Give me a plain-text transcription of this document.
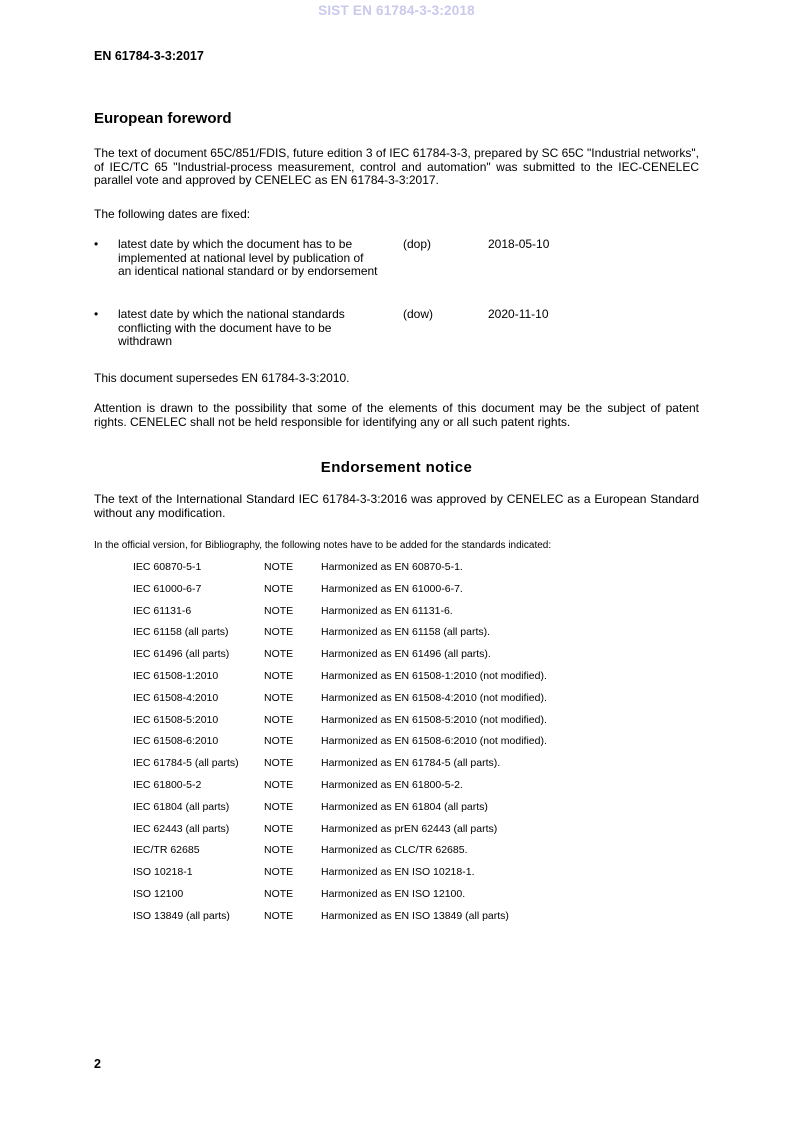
SIST EN 61784-3-3:2018
EN 61784-3-3:2017
European foreword
The text of document 65C/851/FDIS, future edition 3 of IEC 61784-3-3, prepared by SC 65C "Industrial networks", of IEC/TC 65 "Industrial-process measurement, control and automation" was submitted to the IEC-CENELEC parallel vote and approved by CENELEC as EN 61784-3-3:2017.
The following dates are fixed:
• latest date by which the document has to be implemented at national level by publication of an identical national standard or by endorsement
(dop)	2018-05-10
• latest date by which the national standards conflicting with the document have to be withdrawn
(dow)	2020-11-10
This document supersedes EN 61784-3-3:2010.
Attention is drawn to the possibility that some of the elements of this document may be the subject of patent rights. CENELEC shall not be held responsible for identifying any or all such patent rights.
Endorsement notice
The text of the International Standard IEC 61784-3-3:2016 was approved by CENELEC as a European Standard without any modification.
In the official version, for Bibliography, the following notes have to be added for the standards indicated:
IEC 60870-5-1	NOTE	Harmonized as EN 60870-5-1.
IEC 61000-6-7	NOTE	Harmonized as EN 61000-6-7.
IEC 61131-6	NOTE	Harmonized as EN 61131-6.
IEC 61158 (all parts)	NOTE	Harmonized as EN 61158 (all parts).
IEC 61496 (all parts)	NOTE	Harmonized as EN 61496 (all parts).
IEC 61508-1:2010	NOTE	Harmonized as EN 61508-1:2010 (not modified).
IEC 61508-4:2010	NOTE	Harmonized as EN 61508-4:2010 (not modified).
IEC 61508-5:2010	NOTE	Harmonized as EN 61508-5:2010 (not modified).
IEC 61508-6:2010	NOTE	Harmonized as EN 61508-6:2010 (not modified).
IEC 61784-5 (all parts) NOTE	Harmonized as EN 61784-5 (all parts).
IEC 61800-5-2	NOTE	Harmonized as EN 61800-5-2.
IEC 61804 (all parts)	NOTE	Harmonized as EN 61804 (all parts)
IEC 62443 (all parts)	NOTE	Harmonized as prEN 62443 (all parts)
IEC/TR 62685	NOTE	Harmonized as CLC/TR 62685.
ISO 10218-1	NOTE	Harmonized as EN ISO 10218-1.
ISO 12100	NOTE	Harmonized as EN ISO 12100.
ISO 13849 (all parts)	NOTE	Harmonized as EN ISO 13849 (all parts)
2
